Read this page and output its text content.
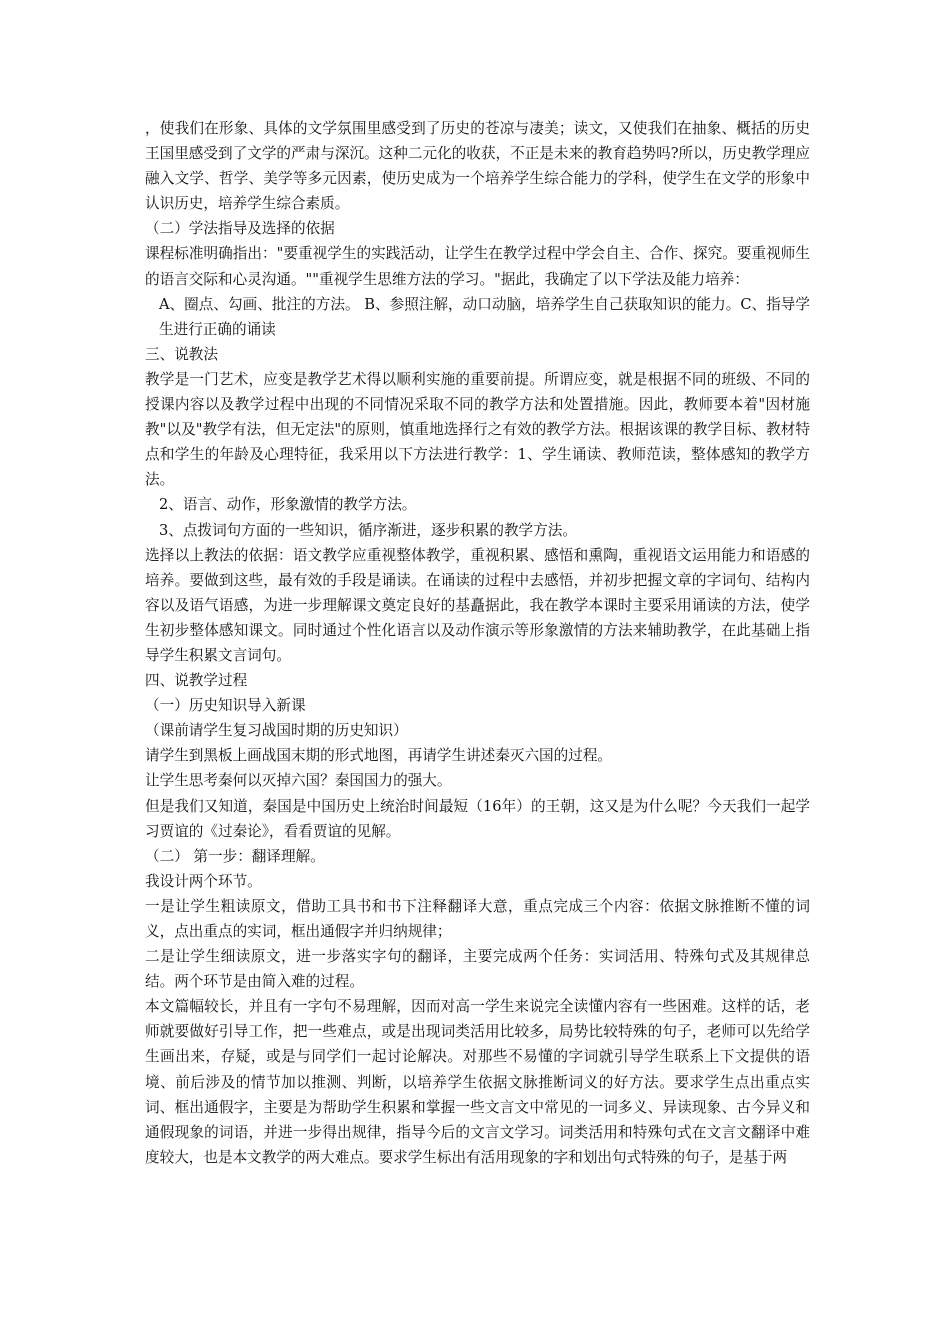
，使我们在形象、具体的文学氛围里感受到了历史的苍凉与凄美；读文，又使我们在抽象、概括的历史王国里感受到了文学的严肃与深沉。这种二元化的收获，不正是未来的教育趋势吗?所以，历史教学理应融入文学、哲学、美学等多元因素，使历史成为一个培养学生综合能力的学科，使学生在文学的形象中认识历史，培养学生综合素质。

（二）学法指导及选择的依据

课程标准明确指出："要重视学生的实践活动，让学生在教学过程中学会自主、合作、探究。要重视师生的语言交际和心灵沟通。""重视学生思维方法的学习。"据此，我确定了以下学法及能力培养：

A、圈点、勾画、批注的方法。 B、参照注解，动口动脑，培养学生自己获取知识的能力。C、指导学生进行正确的诵读

三、说教法

教学是一门艺术，应变是教学艺术得以顺利实施的重要前提。所谓应变，就是根据不同的班级、不同的授课内容以及教学过程中出现的不同情况采取不同的教学方法和处置措施。因此，教师要本着"因材施教"以及"教学有法，但无定法"的原则，慎重地选择行之有效的教学方法。根据该课的教学目标、教材特点和学生的年龄及心理特征，我采用以下方法进行教学：1、学生诵读、教师范读，整体感知的教学方法。

2、语言、动作，形象激情的教学方法。

3、点拨词句方面的一些知识，循序渐进，逐步积累的教学方法。

选择以上教法的依据：语文教学应重视整体教学，重视积累、感悟和熏陶，重视语文运用能力和语感的培养。要做到这些，最有效的手段是诵读。在诵读的过程中去感悟，并初步把握文章的字词句、结构内容以及语气语感，为进一步理解课文奠定良好的基矗据此，我在教学本课时主要采用诵读的方法，使学生初步整体感知课文。同时通过个性化语言以及动作演示等形象激情的方法来辅助教学，在此基础上指导学生积累文言词句。

四、说教学过程

（一）历史知识导入新课

（课前请学生复习战国时期的历史知识）

请学生到黑板上画战国末期的形式地图，再请学生讲述秦灭六国的过程。

让学生思考秦何以灭掉六国？秦国国力的强大。

但是我们又知道，秦国是中国历史上统治时间最短（16年）的王朝，这又是为什么呢？今天我们一起学习贾谊的《过秦论》，看看贾谊的见解。

（二） 第一步：翻译理解。

我设计两个环节。

一是让学生粗读原文，借助工具书和书下注释翻译大意，重点完成三个内容：依据文脉推断不懂的词义，点出重点的实词，框出通假字并归纳规律；

二是让学生细读原文，进一步落实字句的翻译，主要完成两个任务：实词活用、特殊句式及其规律总结。两个环节是由简入难的过程。

本文篇幅较长，并且有一字句不易理解，因而对高一学生来说完全读懂内容有一些困难。这样的话，老师就要做好引导工作，把一些难点，或是出现词类活用比较多，局势比较特殊的句子，老师可以先给学生画出来，存疑，或是与同学们一起讨论解决。对那些不易懂的字词就引导学生联系上下文提供的语境、前后涉及的情节加以推测、判断，以培养学生依据文脉推断词义的好方法。要求学生点出重点实词、框出通假字，主要是为帮助学生积累和掌握一些文言文中常见的一词多义、异读现象、古今异义和通假现象的词语，并进一步得出规律，指导今后的文言文学习。词类活用和特殊句式在文言文翻译中难度较大，也是本文教学的两大难点。要求学生标出有活用现象的字和划出句式特殊的句子，是基于两
